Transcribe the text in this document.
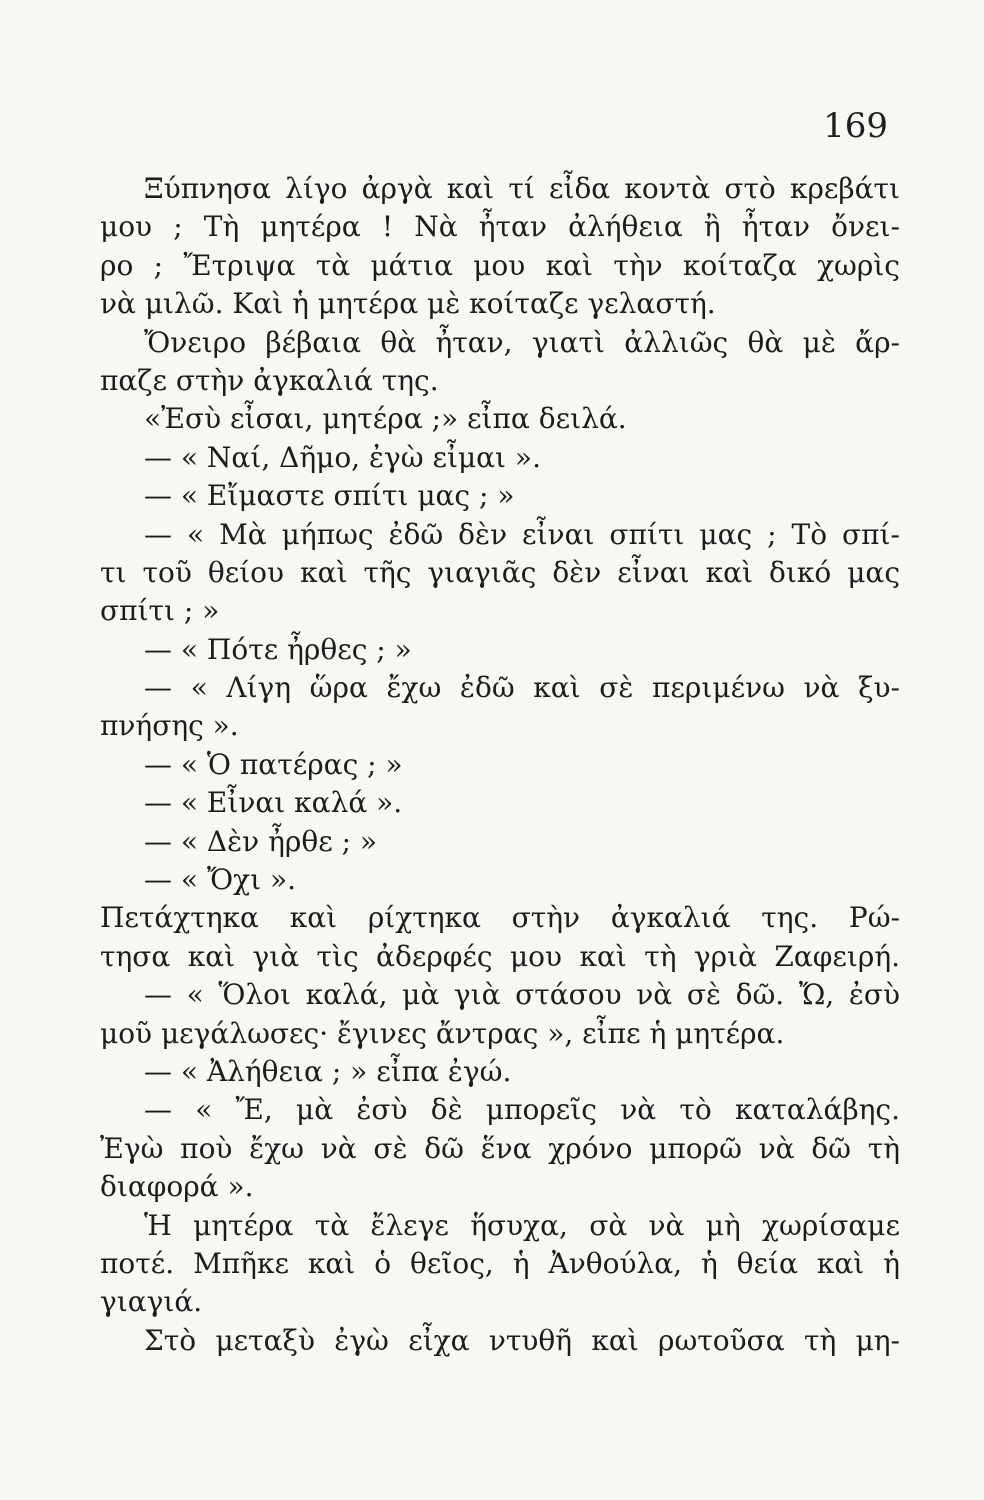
169
Ξύπνησα λίγο ἀργὰ καὶ τί εἶδα κοντὰ στὸ κρεβάτι
μου ; Τὴ μητέρα ! Νὰ ἦταν ἀλήθεια ἢ ἦταν ὄνει-
ρο ; Ἔτριψα τὰ μάτια μου καὶ τὴν κοίταζα χωρὶς
νὰ μιλῶ. Καὶ ἡ μητέρα μὲ κοίταζε γελαστή.
Ὄνειρο βέβαια θὰ ἦταν, γιατὶ ἀλλιῶς θὰ μὲ ἄρ-
παζε στὴν ἀγκαλιά της.
«Ἐσὺ εἶσαι, μητέρα ;» εἶπα δειλά.
— « Ναί, Δῆμο, ἐγὼ εἶμαι ».
— « Εἴμαστε σπίτι μας ; »
— « Μὰ μήπως ἐδῶ δὲν εἶναι σπίτι μας ; Τὸ σπί-
τι τοῦ θείου καὶ τῆς γιαγιᾶς δὲν εἶναι καὶ δικό μας
σπίτι ; »
— « Πότε ἦρθες ; »
— « Λίγη ὥρα ἔχω ἐδῶ καὶ σὲ περιμένω νὰ ξυ-
πνήσης ».
— « Ὁ πατέρας ; »
— « Εἶναι καλά ».
— « Δὲν ἦρθε ; »
— « Ὄχι ».
Πετάχτηκα καὶ ρίχτηκα στὴν ἀγκαλιά της. Ρώ-
τησα καὶ γιὰ τὶς ἀδερφές μου καὶ τὴ γριὰ Ζαφειρή.
— « Ὅλοι καλά, μὰ γιὰ στάσου νὰ σὲ δῶ. Ὤ, ἐσὺ
μοῦ μεγάλωσες· ἔγινες ἄντρας », εἶπε ἡ μητέρα.
— « Ἀλήθεια ; » εἶπα ἐγώ.
— « Ἔ, μὰ ἐσὺ δὲ μπορεῖς νὰ τὸ καταλάβης.
Ἐγὼ ποὺ ἔχω νὰ σὲ δῶ ἕνα χρόνο μπορῶ νὰ δῶ τὴ
διαφορά ».
Ἡ μητέρα τὰ ἔλεγε ἥσυχα, σὰ νὰ μὴ χωρίσαμε
ποτέ. Μπῆκε καὶ ὁ θεῖος, ἡ Ἀνθούλα, ἡ θεία καὶ ἡ
γιαγιά.
Στὸ μεταξὺ ἐγὼ εἶχα ντυθῆ καὶ ρωτοῦσα τὴ μη-
